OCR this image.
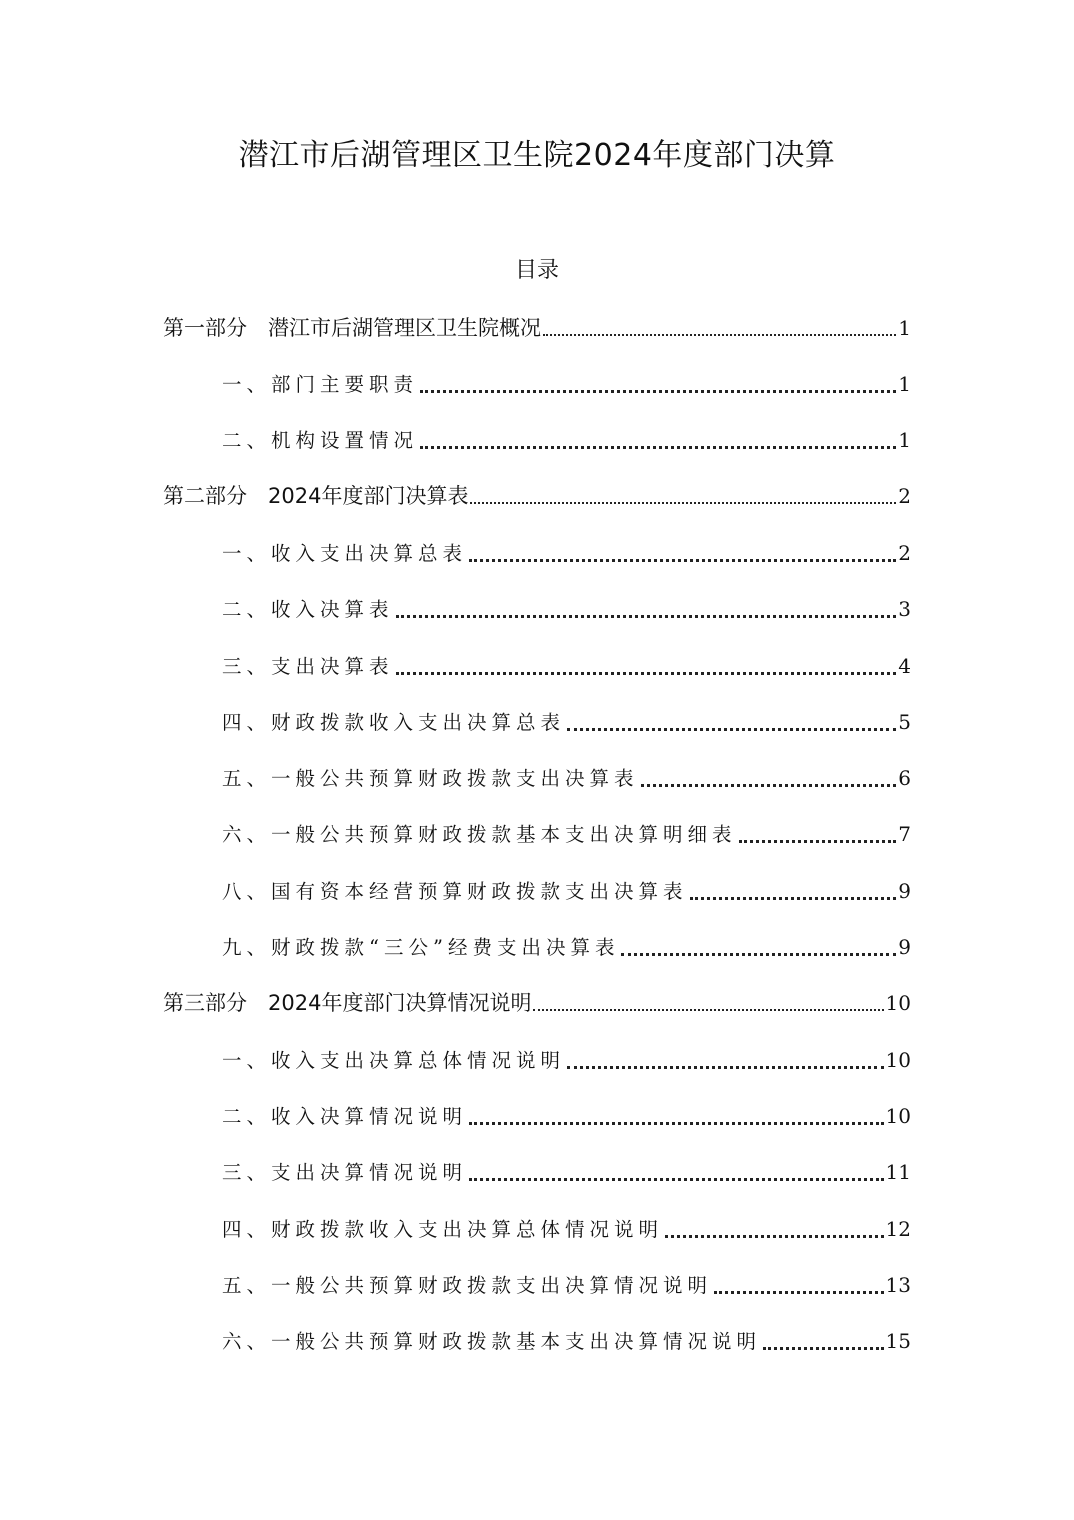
潜江市后湖管理区卫生院2024年度部门决算
目录
第一部分　潜江市后湖管理区卫生院概况	1
一、部门主要职责	1
二、机构设置情况	1
第二部分　2024年度部门决算表	2
一、收入支出决算总表	2
二、收入决算表	3
三、支出决算表	4
四、财政拨款收入支出决算总表	5
五、一般公共预算财政拨款支出决算表	6
六、一般公共预算财政拨款基本支出决算明细表	7
八、国有资本经营预算财政拨款支出决算表	9
九、财政拨款“三公”经费支出决算表	9
第三部分　2024年度部门决算情况说明	10
一、收入支出决算总体情况说明	10
二、收入决算情况说明	10
三、支出决算情况说明	11
四、财政拨款收入支出决算总体情况说明	12
五、一般公共预算财政拨款支出决算情况说明	13
六、一般公共预算财政拨款基本支出决算情况说明	15
